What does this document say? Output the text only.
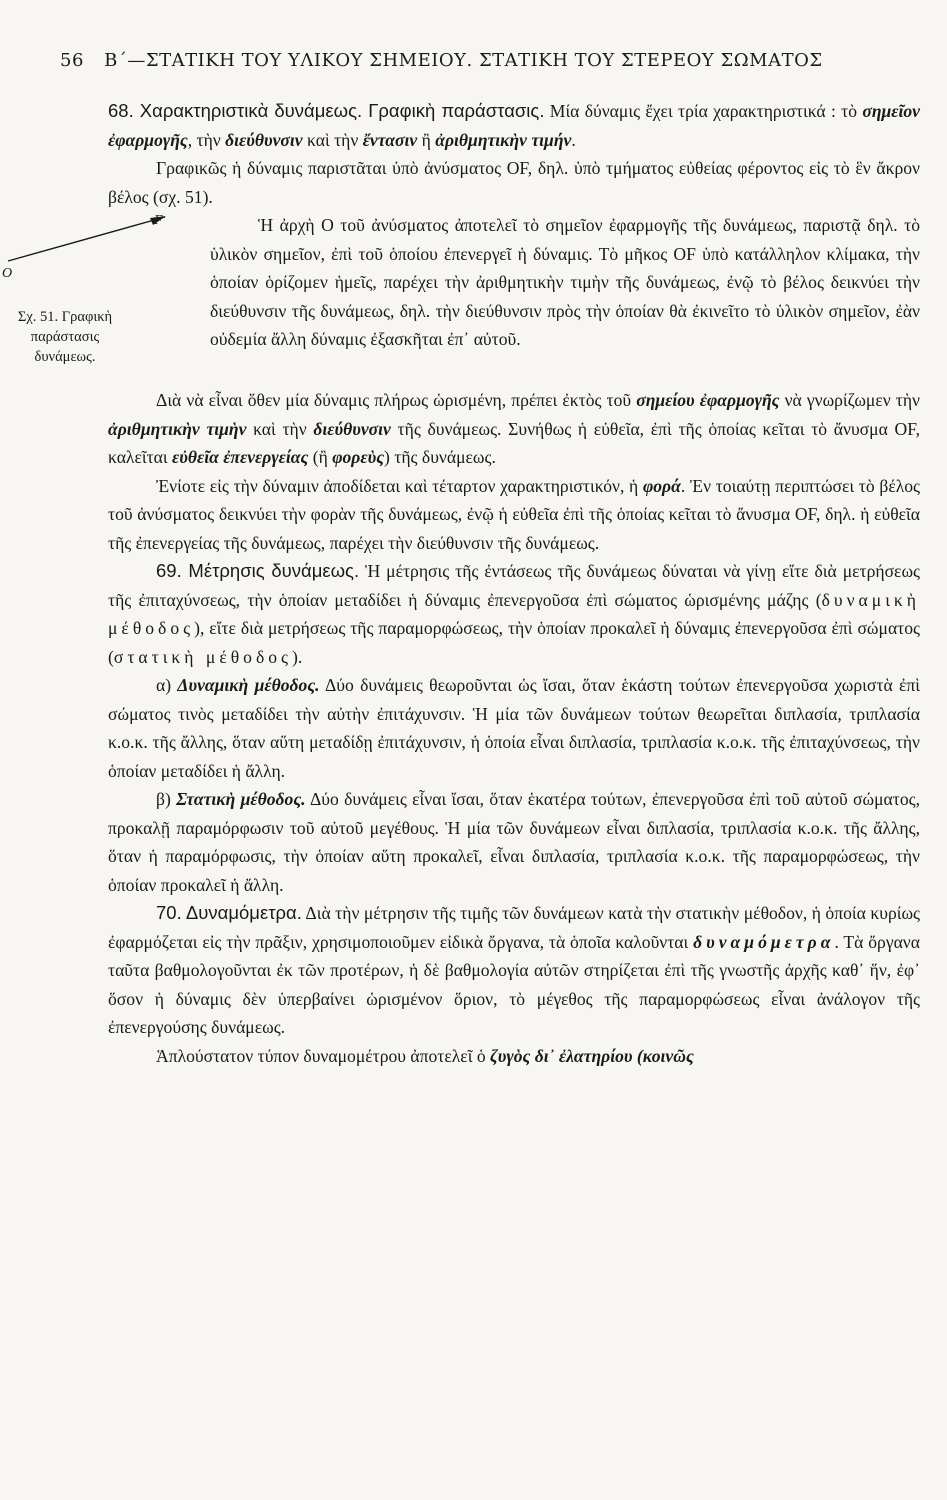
56 Β΄—ΣΤΑΤΙΚΗ ΤΟΥ ΥΛΙΚΟΥ ΣΗΜΕΙΟΥ. ΣΤΑΤΙΚΗ ΤΟΥ ΣΤΕΡΕΟΥ ΣΩΜΑΤΟΣ

68. Χαρακτηριστικὰ δυνάμεως. Γραφικὴ παράστασις. Μία δύναμις ἔχει τρία χαρακτηριστικά : τὸ σημεῖον ἐφαρμογῆς, τὴν διεύθυνσιν καὶ τὴν ἔντασιν ἢ ἀριθμητικὴν τιμήν.

Γραφικῶς ἡ δύναμις παριστᾶται ὑπὸ ἀνύσματος OF, δηλ. ὑπὸ τμήματος εὐθείας φέροντος εἰς τὸ ἓν ἄκρον βέλος (σχ. 51).

O
F
Σχ. 51. Γραφικὴ παράστασις δυνάμεως.
Ἡ ἀρχὴ O τοῦ ἀνύσματος ἀποτελεῖ τὸ σημεῖον ἐφαρμογῆς τῆς δυνάμεως, παριστᾷ δηλ. τὸ ὑλικὸν σημεῖον, ἐπὶ τοῦ ὁποίου ἐπενεργεῖ ἡ δύναμις. Τὸ μῆκος OF ὑπὸ κατάλληλον κλίμακα, τὴν ὁποίαν ὁρίζομεν ἡμεῖς, παρέχει τὴν ἀριθμητικὴν τιμὴν τῆς δυνάμεως, ἐνῷ τὸ βέλος δεικνύει τὴν διεύθυνσιν τῆς δυνάμεως, δηλ. τὴν διεύθυνσιν πρὸς τὴν ὁποίαν θὰ ἐκινεῖτο τὸ ὑλικὸν σημεῖον, ἐὰν οὐδεμία ἄλλη δύναμις ἐξασκῆται ἐπ᾿ αὐτοῦ.

Διὰ νὰ εἶναι ὅθεν μία δύναμις πλήρως ὡρισμένη, πρέπει ἐκτὸς τοῦ σημείου ἐφαρμογῆς νὰ γνωρίζωμεν τὴν ἀριθμητικὴν τιμὴν καὶ τὴν διεύθυνσιν τῆς δυνάμεως. Συνήθως ἡ εὐθεῖα, ἐπὶ τῆς ὁποίας κεῖται τὸ ἄνυσμα OF, καλεῖται εὐθεῖα ἐπενεργείας (ἢ φορεὺς) τῆς δυνάμεως.

Ἐνίοτε εἰς τὴν δύναμιν ἀποδίδεται καὶ τέταρτον χαρακτηριστικόν, ἡ φορά. Ἐν τοιαύτῃ περιπτώσει τὸ βέλος τοῦ ἀνύσματος δεικνύει τὴν φορὰν τῆς δυνάμεως, ἐνῷ ἡ εὐθεῖα ἐπὶ τῆς ὁποίας κεῖται τὸ ἄνυσμα OF, δηλ. ἡ εὐθεῖα τῆς ἐπενεργείας τῆς δυνάμεως, παρέχει τὴν διεύθυνσιν τῆς δυνάμεως.

69. Μέτρησις δυνάμεως. Ἡ μέτρησις τῆς ἐντάσεως τῆς δυνάμεως δύναται νὰ γίνῃ εἴτε διὰ μετρήσεως τῆς ἐπιταχύνσεως, τὴν ὁποίαν μεταδίδει ἡ δύναμις ἐπενεργοῦσα ἐπὶ σώματος ὡρισμένης μάζης (δυναμικὴ μέθοδος), εἴτε διὰ μετρήσεως τῆς παραμορφώσεως, τὴν ὁποίαν προκαλεῖ ἡ δύναμις ἐπενεργοῦσα ἐπὶ σώματος (στατικὴ μέθοδος).

α) Δυναμικὴ μέθοδος. Δύο δυνάμεις θεωροῦνται ὡς ἴσαι, ὅταν ἑκάστη τούτων ἐπενεργοῦσα χωριστὰ ἐπὶ σώματος τινὸς μεταδίδει τὴν αὐτὴν ἐπιτάχυνσιν. Ἡ μία τῶν δυνάμεων τούτων θεωρεῖται διπλασία, τριπλασία κ.ο.κ. τῆς ἄλλης, ὅταν αὕτη μεταδίδῃ ἐπιτάχυνσιν, ἡ ὁποία εἶναι διπλασία, τριπλασία κ.ο.κ. τῆς ἐπιταχύνσεως, τὴν ὁποίαν μεταδίδει ἡ ἄλλη.

β) Στατικὴ μέθοδος. Δύο δυνάμεις εἶναι ἴσαι, ὅταν ἑκατέρα τούτων, ἐπενεργοῦσα ἐπὶ τοῦ αὐτοῦ σώματος, προκαλῇ παραμόρφωσιν τοῦ αὐτοῦ μεγέθους. Ἡ μία τῶν δυνάμεων εἶναι διπλασία, τριπλασία κ.ο.κ. τῆς ἄλλης, ὅταν ἡ παραμόρφωσις, τὴν ὁποίαν αὕτη προκαλεῖ, εἶναι διπλασία, τριπλασία κ.ο.κ. τῆς παραμορφώσεως, τὴν ὁποίαν προκαλεῖ ἡ ἄλλη.

70. Δυναμόμετρα. Διὰ τὴν μέτρησιν τῆς τιμῆς τῶν δυνάμεων κατὰ τὴν στατικὴν μέθοδον, ἡ ὁποία κυρίως ἐφαρμόζεται εἰς τὴν πρᾶξιν, χρησιμοποιοῦμεν εἰδικὰ ὄργανα, τὰ ὁποῖα καλοῦνται δυναμόμετρα. Τὰ ὄργανα ταῦτα βαθμολογοῦνται ἐκ τῶν προτέρων, ἡ δὲ βαθμολογία αὐτῶν στηρίζεται ἐπὶ τῆς γνωστῆς ἀρχῆς καθ᾿ ἥν, ἐφ᾿ ὅσον ἡ δύναμις δὲν ὑπερβαίνει ὡρισμένον ὅριον, τὸ μέγεθος τῆς παραμορφώσεως εἶναι ἀνάλογον τῆς ἐπενεργούσης δυνάμεως.

Ἁπλούστατον τύπον δυναμομέτρου ἀποτελεῖ ὁ ζυγὸς δι᾿ ἐλατηρίου (κοινῶς
